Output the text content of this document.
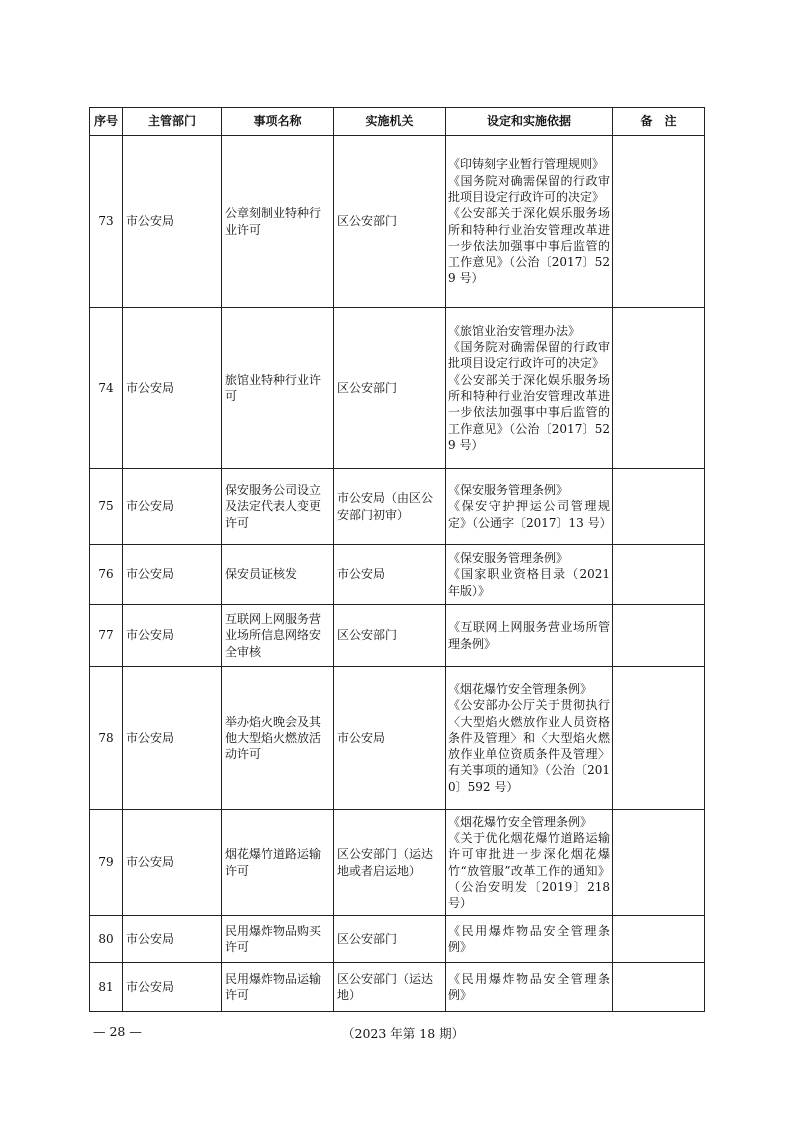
序号	主管部门	事项名称	实施机关	设定和实施依据	备　注
73	市公安局	公章刻制业特种行业许可	区公安部门	《印铸刻字业暂行管理规则》
《国务院对确需保留的行政审批项目设定行政许可的决定》
《公安部关于深化娱乐服务场所和特种行业治安管理改革进一步依法加强事中事后监管的工作意见》（公治〔2017〕529 号）	

74	市公安局	旅馆业特种行业许可	区公安部门	《旅馆业治安管理办法》
《国务院对确需保留的行政审批项目设定行政许可的决定》
《公安部关于深化娱乐服务场所和特种行业治安管理改革进一步依法加强事中事后监管的工作意见》（公治〔2017〕529 号）	

75	市公安局	保安服务公司设立及法定代表人变更许可	市公安局（由区公安部门初审）	《保安服务管理条例》
《保安守护押运公司管理规定》（公通字〔2017〕13 号）	

76	市公安局	保安员证核发	市公安局	《保安服务管理条例》
《国家职业资格目录（2021 年版）》	

77	市公安局	互联网上网服务营业场所信息网络安全审核	区公安部门	《互联网上网服务营业场所管理条例》	

78	市公安局	举办焰火晚会及其他大型焰火燃放活动许可	市公安局	《烟花爆竹安全管理条例》
《公安部办公厅关于贯彻执行〈大型焰火燃放作业人员资格条件及管理〉和〈大型焰火燃放作业单位资质条件及管理〉有关事项的通知》（公治〔2010〕592 号）	

79	市公安局	烟花爆竹道路运输许可	区公安部门（运达地或者启运地）	《烟花爆竹安全管理条例》
《关于优化烟花爆竹道路运输许可审批进一步深化烟花爆竹“放管服”改革工作的通知》（公治安明发〔2019〕218 号）	

80	市公安局	民用爆炸物品购买许可	区公安部门	《民用爆炸物品安全管理条例》	

81	市公安局	民用爆炸物品运输许可	区公安部门（运达地）	《民用爆炸物品安全管理条例》	

— 28 —	（2023 年第 18 期）
